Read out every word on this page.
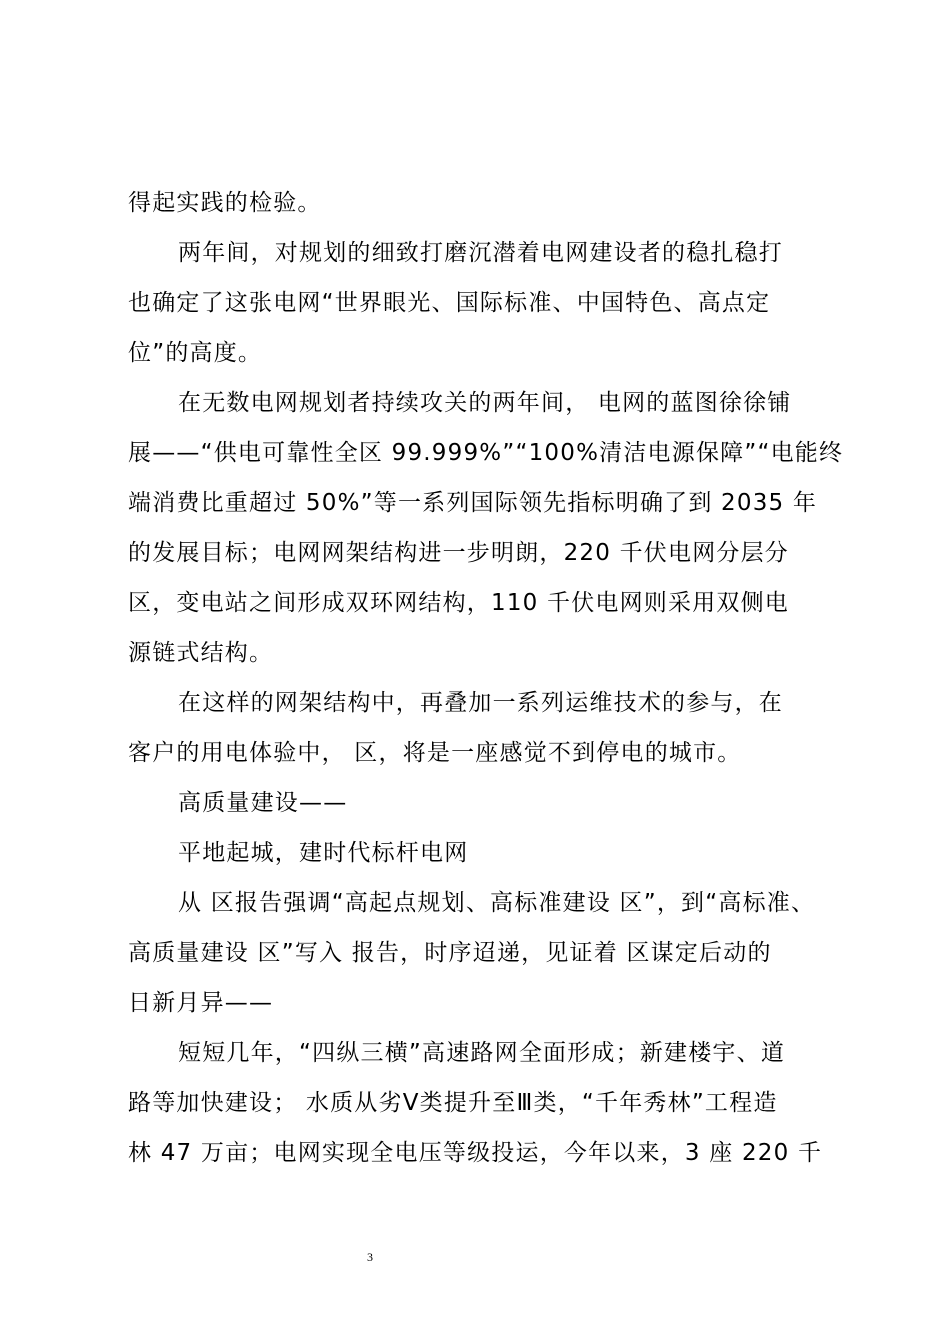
得起实践的检验。
两年间，对规划的细致打磨沉潜着电网建设者的稳扎稳打
也确定了这张电网“世界眼光、国际标准、中国特色、高点定
位”的高度。
在无数电网规划者持续攻关的两年间， 电网的蓝图徐徐铺
展——“供电可靠性全区 99.999%”“100%清洁电源保障”“电能终
端消费比重超过 50%”等一系列国际领先指标明确了到 2035 年
的发展目标；电网网架结构进一步明朗，220 千伏电网分层分
区，变电站之间形成双环网结构，110 千伏电网则采用双侧电
源链式结构。
在这样的网架结构中，再叠加一系列运维技术的参与，在
客户的用电体验中， 区，将是一座感觉不到停电的城市。
高质量建设——
平地起城，建时代标杆电网
从 区报告强调“高起点规划、高标准建设 区”，到“高标准、
高质量建设 区”写入 报告，时序迢递，见证着 区谋定后动的
日新月异——
短短几年，“四纵三横”高速路网全面形成；新建楼宇、道
路等加快建设； 水质从劣Ⅴ类提升至Ⅲ类，“千年秀林”工程造
林 47 万亩；电网实现全电压等级投运，今年以来，3 座 220 千
3
